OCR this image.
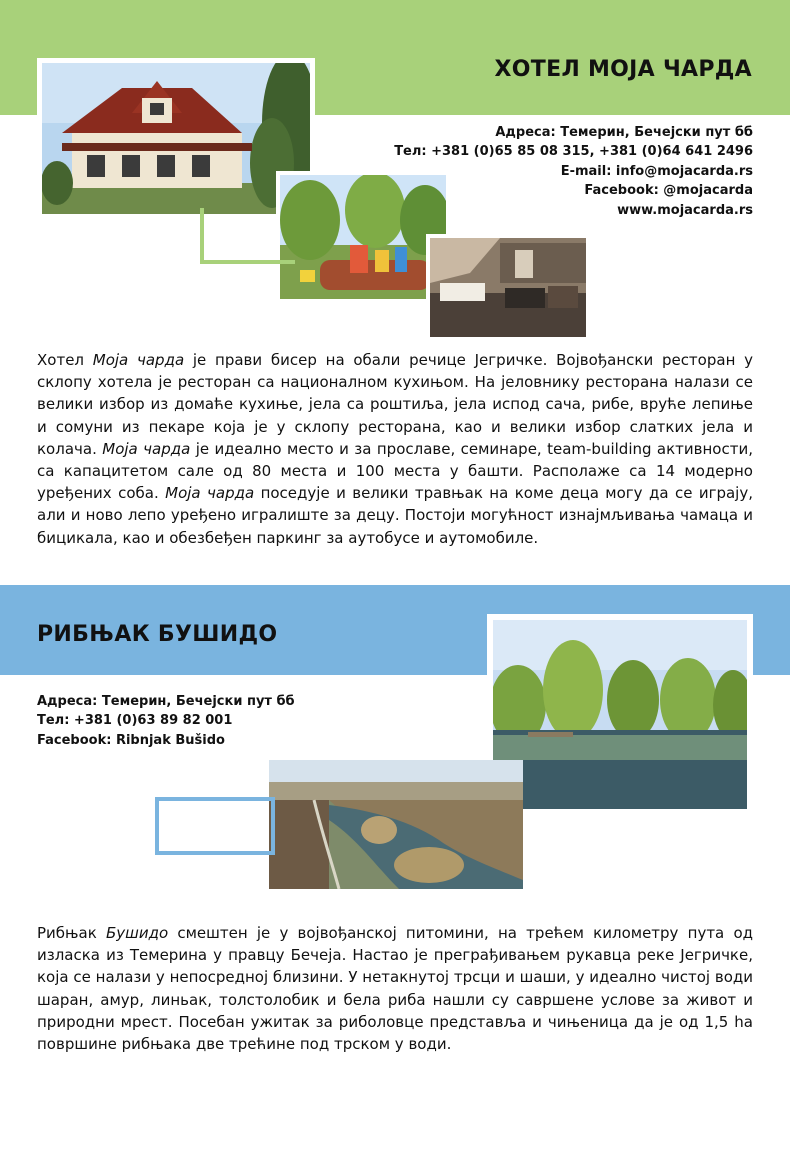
ХОТЕЛ МОЈА ЧАРДА
Адреса: Темерин, Бечејски пут бб
Тел: +381 (0)65 85 08 315, +381 (0)64 641 2496
E-mail: info@mojacarda.rs
Facebook: @mojacarda
www.mojacarda.rs
Хотел Моја чарда је прави бисер на обали речице Јегричке. Војвођански ресторан у склопу хотела је ресторан са националном кухињом. На јеловнику ресторана налази се велики избор из домаће кухиње, јела са роштиља, јела испод сача, рибе, вруће лепиње и сомуни из пекаре која је у склопу ресторана, као и велики избор слатких јела и колача. Моја чарда је идеално место и за прославе, семинаре, team-building активности, са капацитетом сале од 80 места и 100 места у башти. Располаже са 14 модерно уређених соба. Моја чарда поседује и велики травњак на коме деца могу да се играју, али и ново лепо уређено игралиште за децу. Постоји могућност изнајмљивања чамаца и бицикала, као и обезбеђен паркинг за аутобусе и аутомобиле.
РИБЊАК БУШИДО
Адреса: Темерин, Бечејски пут бб
Тел: +381 (0)63 89 82 001
Facebook: Ribnjak Bušido
Рибњак Бушидо смештен је у војвођанској питомини, на трећем километру пута од изласка из Темерина у правцу Бечеја. Настао је преграђивањем рукавца реке Јегричке, која се налази у непосредној близини. У нетакнутој трсци и шаши, у идеално чистој води шаран, амур, линьак, толстолобик и бела риба нашли су савршене услове за живот и природни мрест. Посебан ужитак за риболовце представља и чињеница да је од 1,5 ha површине рибњака две трећине под трском у води.
